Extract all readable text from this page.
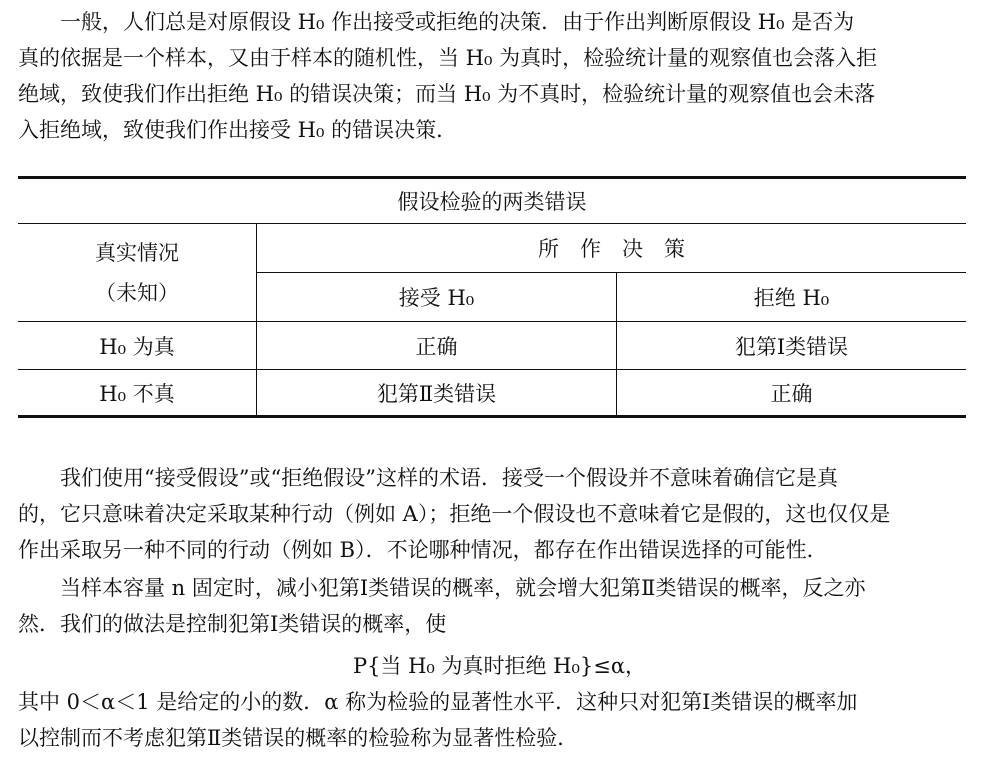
　　一般，人们总是对原假设 H₀ 作出接受或拒绝的决策．由于作出判断原假设 H₀ 是否为
真的依据是一个样本，又由于样本的随机性，当 H₀ 为真时，检验统计量的观察值也会落入拒
绝域，致使我们作出拒绝 H₀ 的错误决策；而当 H₀ 为不真时，检验统计量的观察值也会未落
入拒绝域，致使我们作出接受 H₀ 的错误决策．
假设检验的两类错误
真实情况
（未知）
所　作　决　策
接受 H₀	拒绝 H₀
H₀ 为真	正确	犯第Ⅰ类错误
H₀ 不真	犯第Ⅱ类错误	正确
　　我们使用“接受假设”或“拒绝假设”这样的术语．接受一个假设并不意味着确信它是真
的，它只意味着决定采取某种行动（例如 A）；拒绝一个假设也不意味着它是假的，这也仅仅是
作出采取另一种不同的行动（例如 B）．不论哪种情况，都存在作出错误选择的可能性．
　　当样本容量 n 固定时，减小犯第Ⅰ类错误的概率，就会增大犯第Ⅱ类错误的概率，反之亦
然．我们的做法是控制犯第Ⅰ类错误的概率，使
P{当 H₀ 为真时拒绝 H₀}≤α，
其中 0＜α＜1 是给定的小的数．α 称为检验的显著性水平．这种只对犯第Ⅰ类错误的概率加
以控制而不考虑犯第Ⅱ类错误的概率的检验称为显著性检验．
